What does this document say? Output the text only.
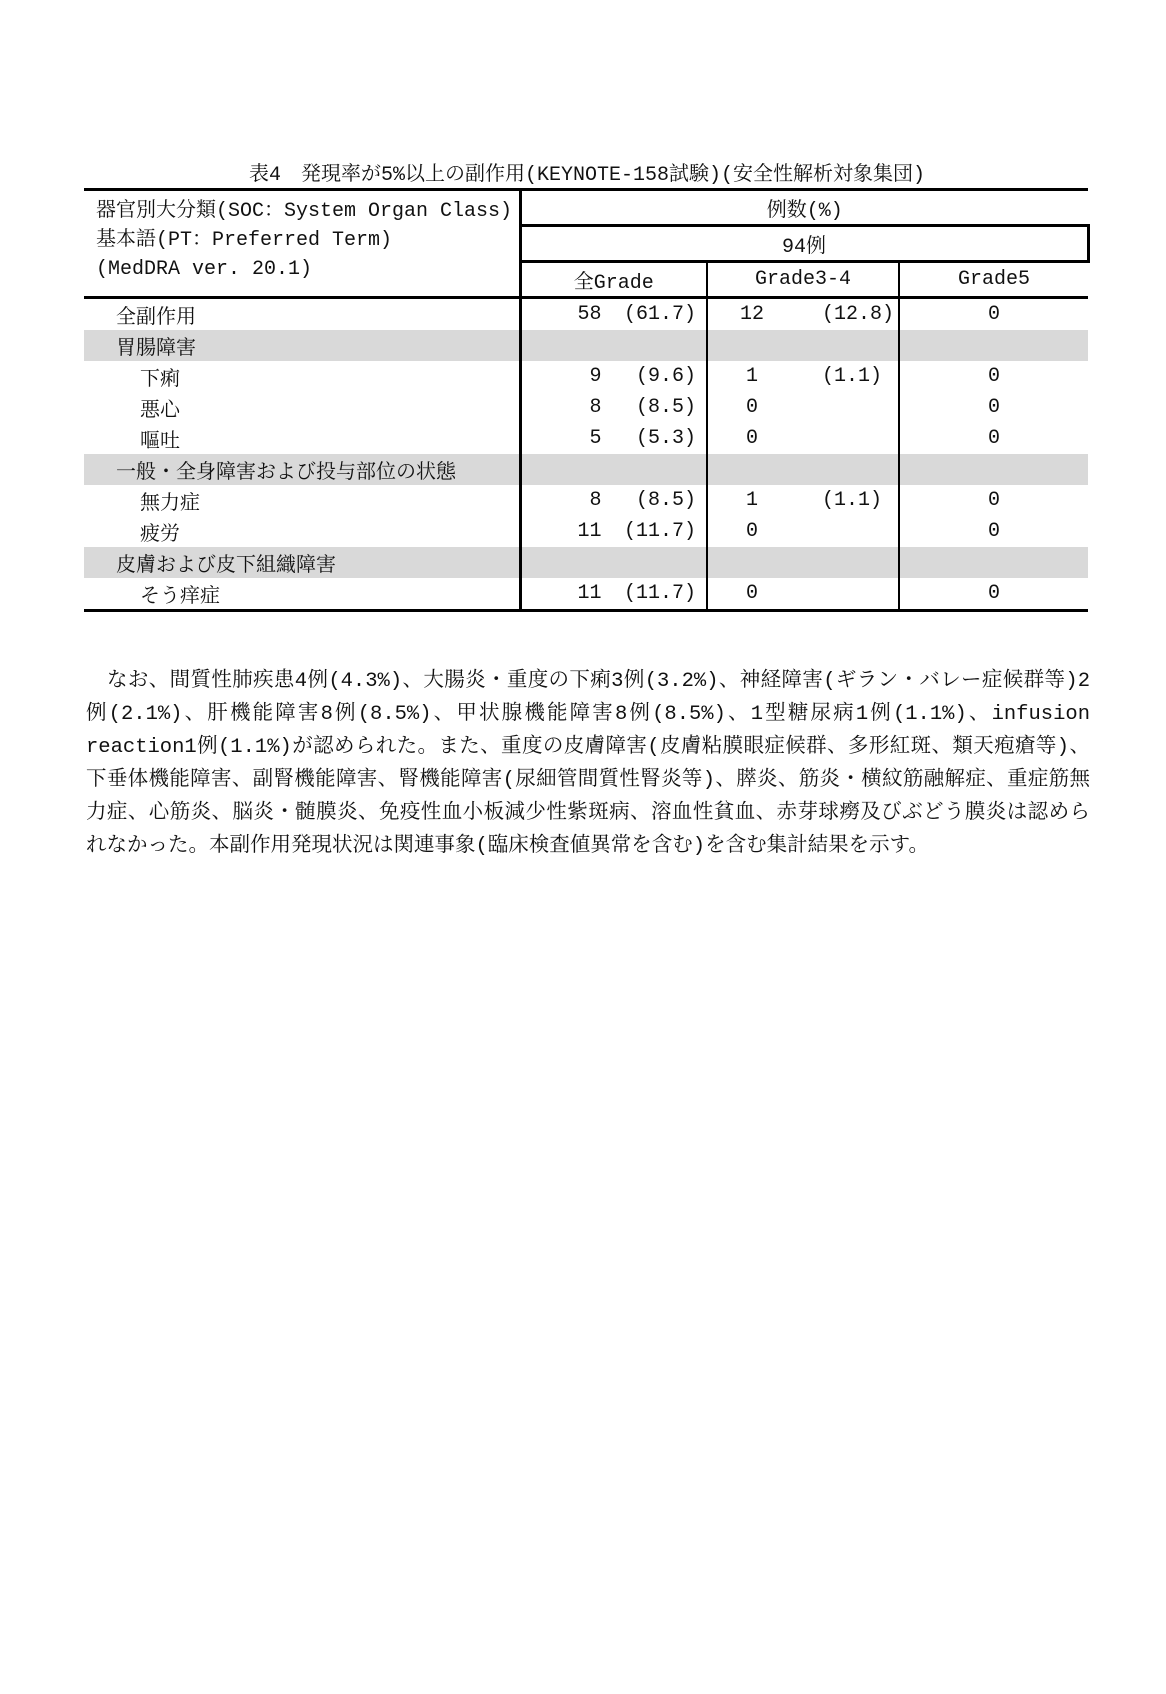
表4　発現率が5%以上の副作用(KEYNOTE-158試験)(安全性解析対象集団)
器官別大分類(SOC：System Organ Class)
基本語(PT：Preferred Term)
(MedDRA ver. 20.1)	例数(%)		
	94例		
	全Grade	Grade3-4	Grade5
全副作用	58 (61.7)	12 (12.8)	0
胃腸障害			
下痢	9 (9.6)	1 (1.1)	0
悪心	8 (8.5)	0	0
嘔吐	5 (5.3)	0	0
一般・全身障害および投与部位の状態			
無力症	8 (8.5)	1 (1.1)	0
疲労	11 (11.7)	0	0
皮膚および皮下組織障害			
そう痒症	11 (11.7)	0	0

なお、間質性肺疾患4例(4.3%)、大腸炎・重度の下痢3例(3.2%)、神経障害(ギラン・バレー症候群等)2例(2.1%)、肝機能障害8例(8.5%)、甲状腺機能障害8例(8.5%)、1型糖尿病1例(1.1%)、infusion reaction1例(1.1%)が認められた。また、重度の皮膚障害(皮膚粘膜眼症候群、多形紅斑、類天疱瘡等)、下垂体機能障害、副腎機能障害、腎機能障害(尿細管間質性腎炎等)、膵炎、筋炎・横紋筋融解症、重症筋無力症、心筋炎、脳炎・髄膜炎、免疫性血小板減少性紫斑病、溶血性貧血、赤芽球癆及びぶどう膜炎は認められなかった。本副作用発現状況は関連事象(臨床検査値異常を含む)を含む集計結果を示す。
